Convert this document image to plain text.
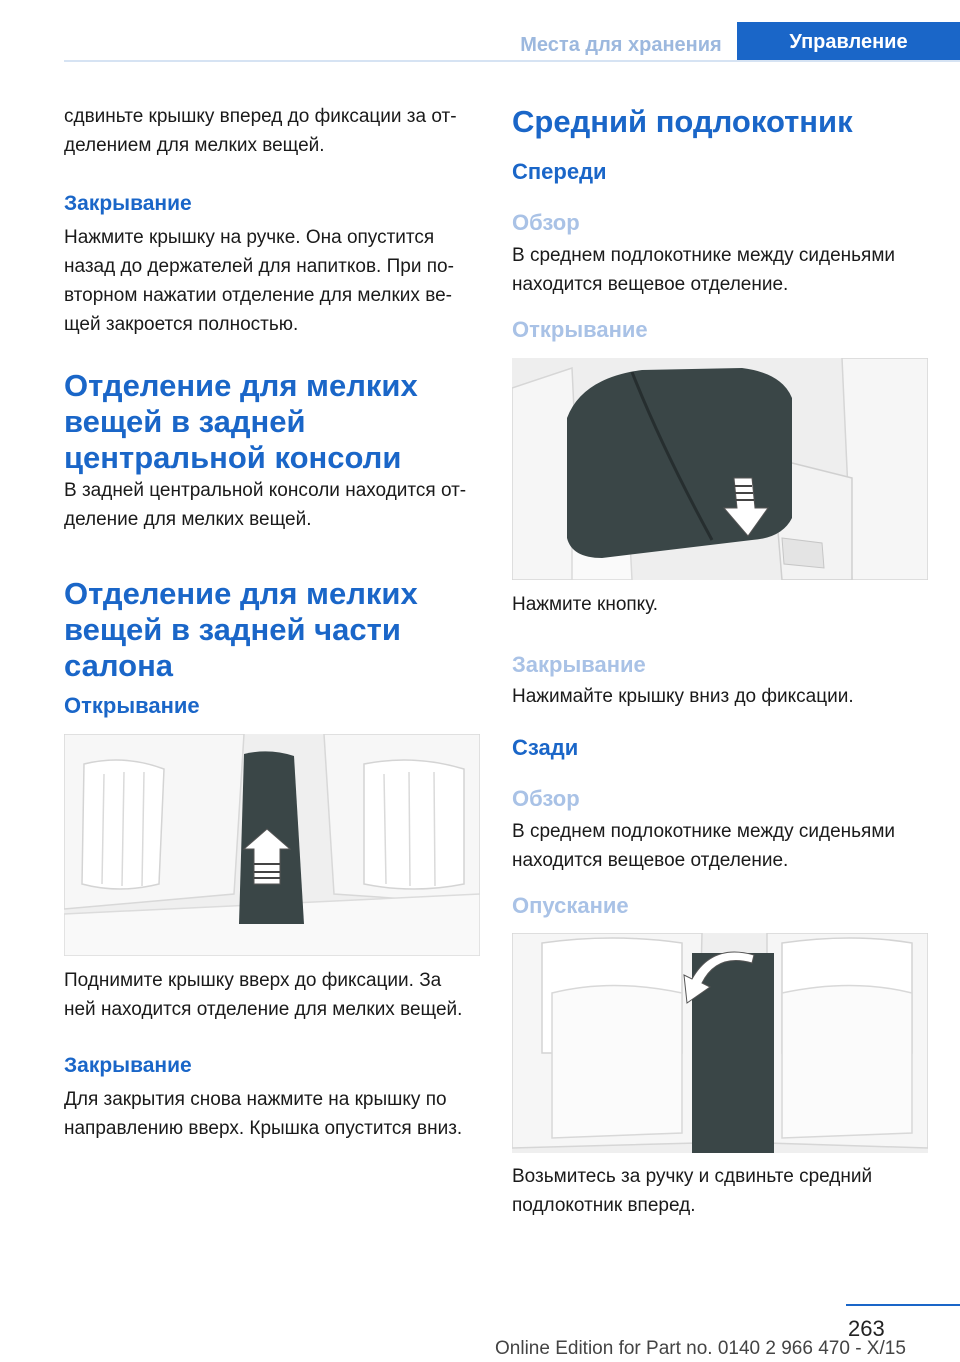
Места для хранения	Управление

сдвиньте крышку вперед до фиксации за от-
делением для мелких вещей.

Закрывание

Нажмите крышку на ручке. Она опустится
назад до держателей для напитков. При по-
вторном нажатии отделение для мелких ве-
щей закроется полностью.

Отделение для мелких
вещей в задней
центральной консоли

В задней центральной консоли находится от-
деление для мелких вещей.

Отделение для мелких
вещей в задней части
салона

Открывание

Поднимите крышку вверх до фиксации. За
ней находится отделение для мелких вещей.

Закрывание

Для закрытия снова нажмите на крышку по
направлению вверх. Крышка опустится вниз.

Средний подлокотник

Спереди

Обзор

В среднем подлокотнике между сиденьями
находится вещевое отделение.

Открывание

Нажмите кнопку.

Закрывание

Нажимайте крышку вниз до фиксации.

Сзади

Обзор

В среднем подлокотнике между сиденьями
находится вещевое отделение.

Опускание

Возьмитесь за ручку и сдвиньте средний
подлокотник вперед.

263
Online Edition for Part no. 0140 2 966 470 - X/15
